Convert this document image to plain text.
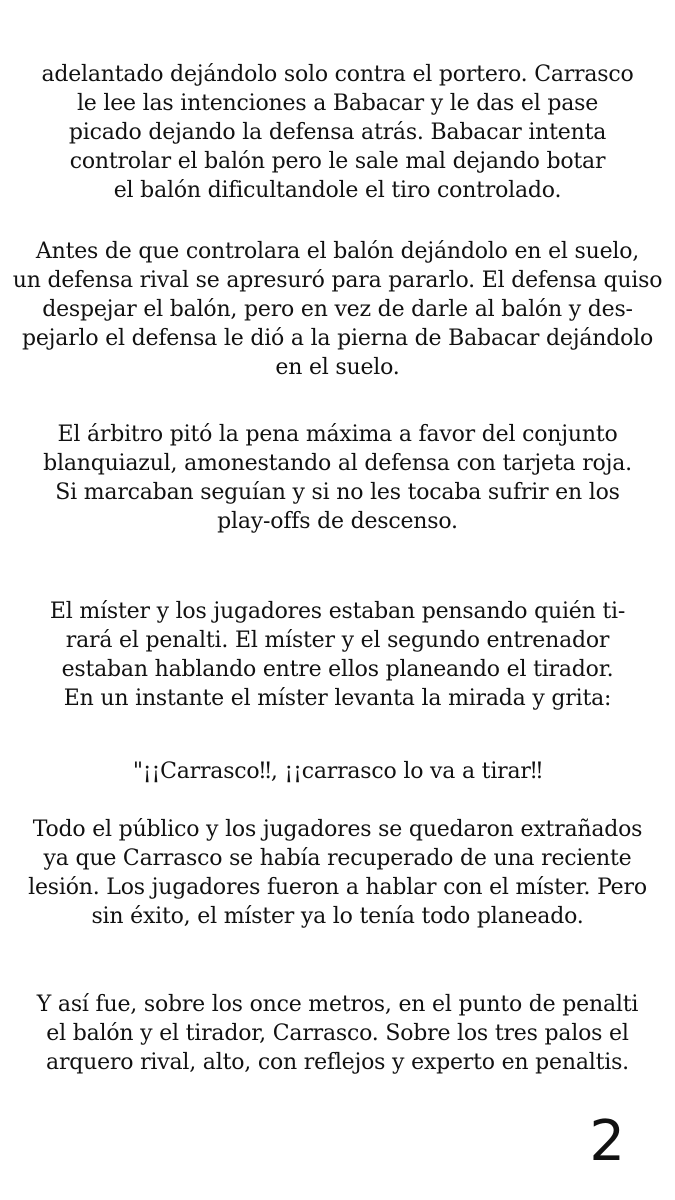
adelantado dejándolo solo contra el portero. Carrasco
le lee las intenciones a Babacar y le das el pase
picado dejando la defensa atrás. Babacar intenta
controlar el balón pero le sale mal dejando botar
el balón dificultandole el tiro controlado.
Antes de que controlara el balón dejándolo en el suelo,
un defensa rival se apresuró para pararlo. El defensa quiso
despejar el balón, pero en vez de darle al balón y des-
pejarlo el defensa le dió a la pierna de Babacar dejándolo
en el suelo.
El árbitro pitó la pena máxima a favor del conjunto
blanquiazul, amonestando al defensa con tarjeta roja.
Si marcaban seguían y si no les tocaba sufrir en los
play-offs de descenso.
El míster y los jugadores estaban pensando quién ti-
rará el penalti. El míster y el segundo entrenador
estaban hablando entre ellos planeando el tirador.
En un instante el míster levanta la mirada y grita:
"¡¡Carrasco‼, ¡¡carrasco lo va a tirar‼
Todo el público y los jugadores se quedaron extrañados
ya que Carrasco se había recuperado de una reciente
lesión. Los jugadores fueron a hablar con el míster. Pero
sin éxito, el míster ya lo tenía todo planeado.
Y así fue, sobre los once metros, en el punto de penalti
el balón y el tirador, Carrasco. Sobre los tres palos el
arquero rival, alto, con reflejos y experto en penaltis.
2
